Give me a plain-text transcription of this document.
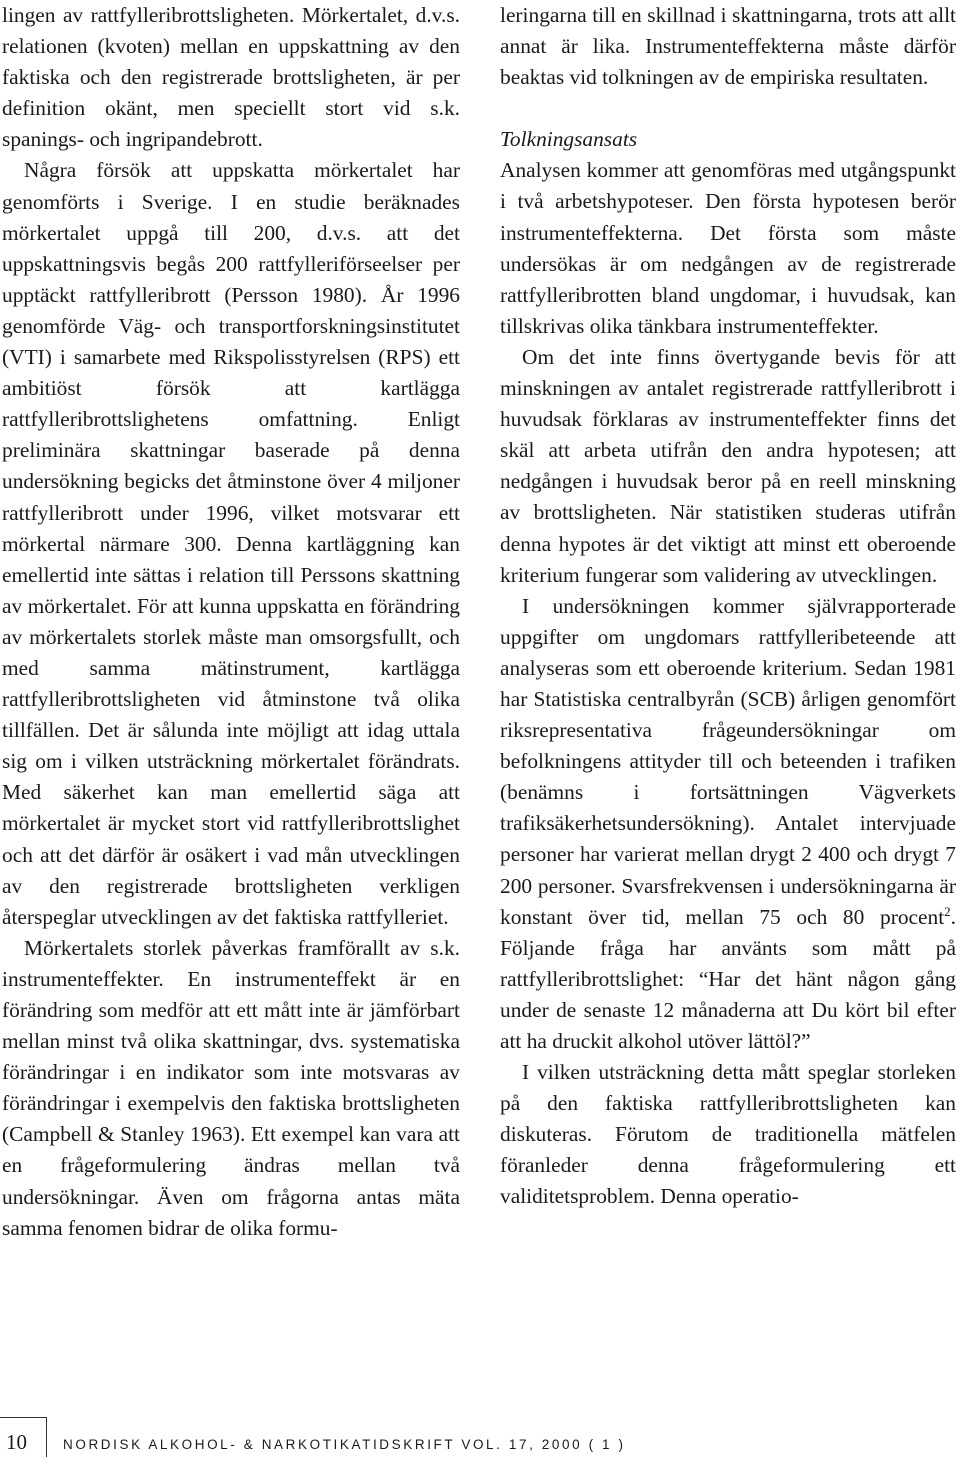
lingen av rattfylleribrottsligheten. Mörkertalet, d.v.s. relationen (kvoten) mellan en uppskattning av den faktiska och den registrerade brottsligheten, är per definition okänt, men speciellt stort vid s.k. spanings- och ingripandebrott.

Några försök att uppskatta mörkertalet har genomförts i Sverige. I en studie beräknades mörkertalet uppgå till 200, d.v.s. att det uppskattningsvis begås 200 rattfylleriförseelser per upptäckt rattfylleribrott (Persson 1980). År 1996 genomförde Väg- och transportforskningsinstitutet (VTI) i samarbete med Rikspolisstyrelsen (RPS) ett ambitiöst försök att kartlägga rattfylleribrottslighetens omfattning. Enligt preliminära skattningar baserade på denna undersökning begicks det åtminstone över 4 miljoner rattfylleribrott under 1996, vilket motsvarar ett mörkertal närmare 300. Denna kartläggning kan emellertid inte sättas i relation till Perssons skattning av mörkertalet. För att kunna uppskatta en förändring av mörkertalets storlek måste man omsorgsfullt, och med samma mätinstrument, kartlägga rattfylleribrottsligheten vid åtminstone två olika tillfällen. Det är sålunda inte möjligt att idag uttala sig om i vilken utsträckning mörkertalet förändrats. Med säkerhet kan man emellertid säga att mörkertalet är mycket stort vid rattfylleribrottslighet och att det därför är osäkert i vad mån utvecklingen av den registrerade brottsligheten verkligen återspeglar utvecklingen av det faktiska rattfylleriet.

Mörkertalets storlek påverkas framförallt av s.k. instrumenteffekter. En instrumenteffekt är en förändring som medför att ett mått inte är jämförbart mellan minst två olika skattningar, dvs. systematiska förändringar i en indikator som inte motsvaras av förändringar i exempelvis den faktiska brottsligheten (Campbell & Stanley 1963). Ett exempel kan vara att en frågeformulering ändras mellan två undersökningar. Även om frågorna antas mäta samma fenomen bidrar de olika formu-

leringarna till en skillnad i skattningarna, trots att allt annat är lika. Instrumenteffekterna måste därför beaktas vid tolkningen av de empiriska resultaten.

Tolkningsansats

Analysen kommer att genomföras med utgångspunkt i två arbetshypoteser. Den första hypotesen berör instrumenteffekterna. Det första som måste undersökas är om nedgången av de registrerade rattfylleribrotten bland ungdomar, i huvudsak, kan tillskrivas olika tänkbara instrumenteffekter.

Om det inte finns övertygande bevis för att minskningen av antalet registrerade rattfylleribrott i huvudsak förklaras av instrumenteffekter finns det skäl att arbeta utifrån den andra hypotesen; att nedgången i huvudsak beror på en reell minskning av brottsligheten. När statistiken studeras utifrån denna hypotes är det viktigt att minst ett oberoende kriterium fungerar som validering av utvecklingen.

I undersökningen kommer självrapporterade uppgifter om ungdomars rattfylleribeteende att analyseras som ett oberoende kriterium. Sedan 1981 har Statistiska centralbyrån (SCB) årligen genomfört riksrepresentativa frågeundersökningar om befolkningens attityder till och beteenden i trafiken (benämns i fortsättningen Vägverkets trafiksäkerhetsundersökning). Antalet intervjuade personer har varierat mellan drygt 2 400 och drygt 7 200 personer. Svarsfrekvensen i undersökningarna är konstant över tid, mellan 75 och 80 procent$^2$. Följande fråga har använts som mått på rattfylleribrottslighet: “Har det hänt någon gång under de senaste 12 månaderna att Du kört bil efter att ha druckit alkohol utöver lättöl?”

I vilken utsträckning detta mått speglar storleken på den faktiska rattfylleribrottsligheten kan diskuteras. Förutom de traditionella mätfelen föranleder denna frågeformulering ett validitetsproblem. Denna operatio-

10	NORDISK ALKOHOL- & NARKOTIKATIDSKRIFT VOL. 17, 2000 ( 1 )
